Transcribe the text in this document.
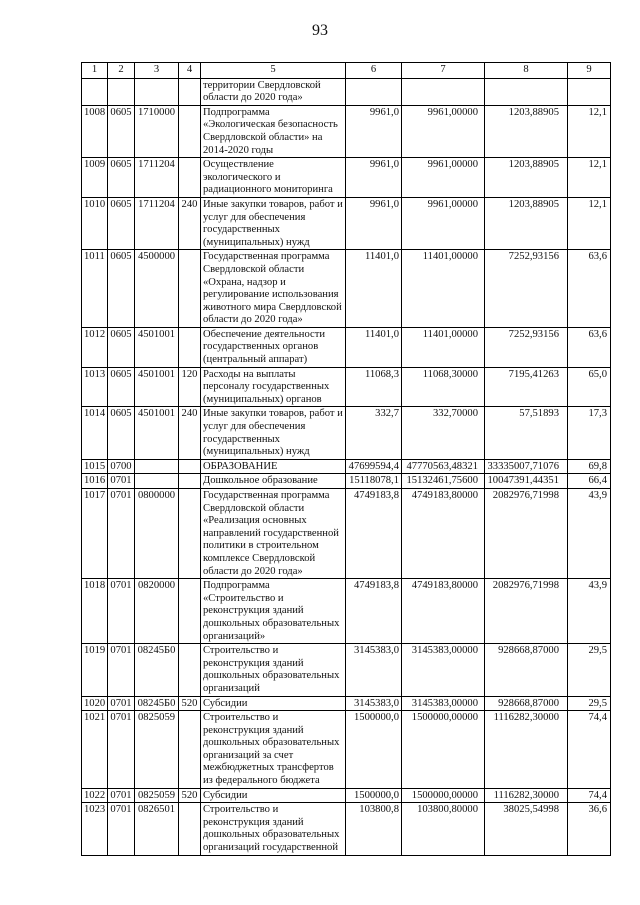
93
1	2	3	4	5	6	7	8	9
				территории Свердловской области до 2020 года»				
1008	0605	1710000		Подпрограмма «Экологическая безопасность Свердловской области» на 2014-2020 годы	9961,0	9961,00000	1203,88905	12,1
1009	0605	1711204		Осуществление экологического и радиационного мониторинга	9961,0	9961,00000	1203,88905	12,1
1010	0605	1711204	240	Иные закупки товаров, работ и услуг для обеспечения государственных (муниципальных) нужд	9961,0	9961,00000	1203,88905	12,1
1011	0605	4500000		Государственная программа Свердловской области «Охрана, надзор и регулирование использования животного мира Свердловской области до 2020 года»	11401,0	11401,00000	7252,93156	63,6
1012	0605	4501001		Обеспечение деятельности государственных органов (центральный аппарат)	11401,0	11401,00000	7252,93156	63,6
1013	0605	4501001	120	Расходы на выплаты персоналу государственных (муниципальных) органов	11068,3	11068,30000	7195,41263	65,0
1014	0605	4501001	240	Иные закупки товаров, работ и услуг для обеспечения государственных (муниципальных) нужд	332,7	332,70000	57,51893	17,3
1015	0700			ОБРАЗОВАНИЕ	47699594,4	47770563,48321	33335007,71076	69,8
1016	0701			Дошкольное образование	15118078,1	15132461,75600	10047391,44351	66,4
1017	0701	0800000		Государственная программа Свердловской области «Реализация основных направлений государственной политики в строительном комплексе Свердловской области до 2020 года»	4749183,8	4749183,80000	2082976,71998	43,9
1018	0701	0820000		Подпрограмма «Строительство и реконструкция зданий дошкольных образовательных организаций»	4749183,8	4749183,80000	2082976,71998	43,9
1019	0701	08245Б0		Строительство и реконструкция зданий дошкольных образовательных организаций	3145383,0	3145383,00000	928668,87000	29,5
1020	0701	08245Б0	520	Субсидии	3145383,0	3145383,00000	928668,87000	29,5
1021	0701	0825059		Строительство и реконструкция зданий дошкольных образовательных организаций за счет межбюджетных трансфертов из федерального бюджета	1500000,0	1500000,00000	1116282,30000	74,4
1022	0701	0825059	520	Субсидии	1500000,0	1500000,00000	1116282,30000	74,4
1023	0701	0826501		Строительство и реконструкция зданий дошкольных образовательных организаций государственной	103800,8	103800,80000	38025,54998	36,6
